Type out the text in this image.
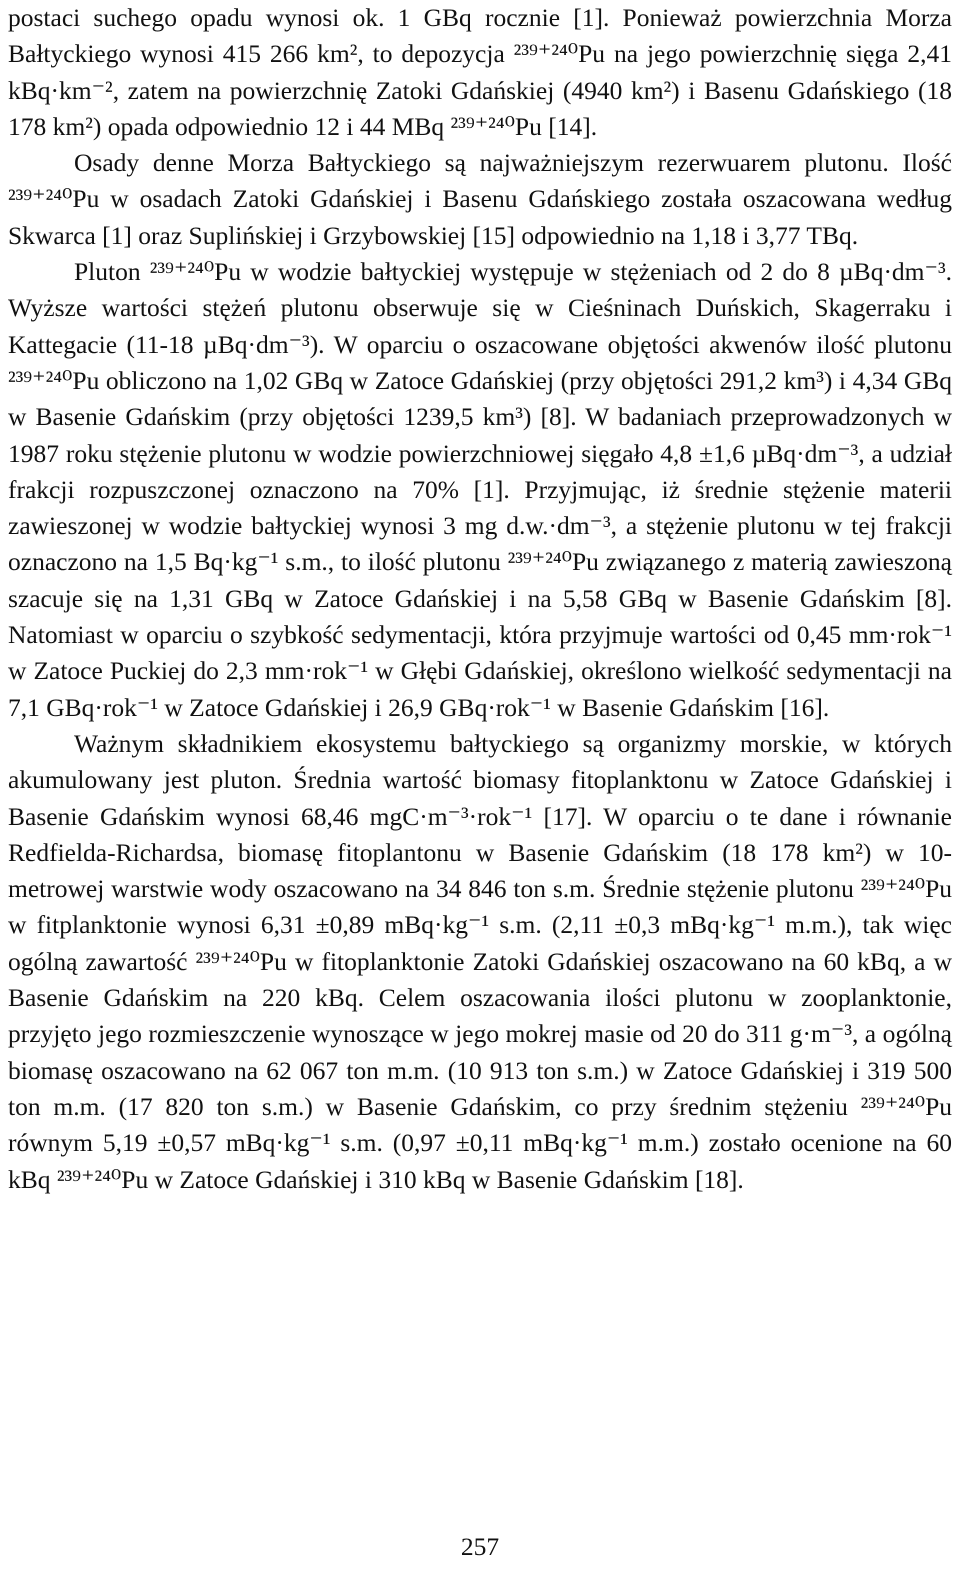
postaci suchego opadu wynosi ok. 1 GBq rocznie [1]. Ponieważ powierzchnia Morza Bałtyckiego wynosi 415 266 km², to depozycja ²³⁹⁺²⁴⁰Pu na jego powierzchnię sięga 2,41 kBq·km⁻², zatem na powierzchnię Zatoki Gdańskiej (4940 km²) i Basenu Gdańskiego (18 178 km²) opada odpowiednio 12 i 44 MBq ²³⁹⁺²⁴⁰Pu [14].

Osady denne Morza Bałtyckiego są najważniejszym rezerwuarem plutonu. Ilość ²³⁹⁺²⁴⁰Pu w osadach Zatoki Gdańskiej i Basenu Gdańskiego została oszacowana według Skwarca [1] oraz Suplińskiej i Grzybowskiej [15] odpowiednio na 1,18 i 3,77 TBq.

Pluton ²³⁹⁺²⁴⁰Pu w wodzie bałtyckiej występuje w stężeniach od 2 do 8 µBq·dm⁻³. Wyższe wartości stężeń plutonu obserwuje się w Cieśninach Duńskich, Skagerraku i Kattegacie (11-18 µBq·dm⁻³). W oparciu o oszacowane objętości akwenów ilość plutonu ²³⁹⁺²⁴⁰Pu obliczono na 1,02 GBq w Zatoce Gdańskiej (przy objętości 291,2 km³) i 4,34 GBq w Basenie Gdańskim (przy objętości 1239,5 km³) [8]. W badaniach przeprowadzonych w 1987 roku stężenie plutonu w wodzie powierzchniowej sięgało 4,8 ±1,6 µBq·dm⁻³, a udział frakcji rozpuszczonej oznaczono na 70% [1]. Przyjmując, iż średnie stężenie materii zawieszonej w wodzie bałtyckiej wynosi 3 mg d.w.·dm⁻³, a stężenie plutonu w tej frakcji oznaczono na 1,5 Bq·kg⁻¹ s.m., to ilość plutonu ²³⁹⁺²⁴⁰Pu związanego z materią zawieszoną szacuje się na 1,31 GBq w Zatoce Gdańskiej i na 5,58 GBq w Basenie Gdańskim [8]. Natomiast w oparciu o szybkość sedymentacji, która przyjmuje wartości od 0,45 mm·rok⁻¹ w Zatoce Puckiej do 2,3 mm·rok⁻¹ w Głębi Gdańskiej, określono wielkość sedymentacji na 7,1 GBq·rok⁻¹ w Zatoce Gdańskiej i 26,9 GBq·rok⁻¹ w Basenie Gdańskim [16].

Ważnym składnikiem ekosystemu bałtyckiego są organizmy morskie, w których akumulowany jest pluton. Średnia wartość biomasy fitoplanktonu w Zatoce Gdańskiej i Basenie Gdańskim wynosi 68,46 mgC·m⁻³·rok⁻¹ [17]. W oparciu o te dane i równanie Redfielda-Richardsa, biomasę fitoplantonu w Basenie Gdańskim (18 178 km²) w 10-metrowej warstwie wody oszacowano na 34 846 ton s.m. Średnie stężenie plutonu ²³⁹⁺²⁴⁰Pu w fitplanktonie wynosi 6,31 ±0,89 mBq·kg⁻¹ s.m. (2,11 ±0,3 mBq·kg⁻¹ m.m.), tak więc ogólną zawartość ²³⁹⁺²⁴⁰Pu w fitoplanktonie Zatoki Gdańskiej oszacowano na 60 kBq, a w Basenie Gdańskim na 220 kBq. Celem oszacowania ilości plutonu w zooplanktonie, przyjęto jego rozmieszczenie wynoszące w jego mokrej masie od 20 do 311 g·m⁻³, a ogólną biomasę oszacowano na 62 067 ton m.m. (10 913 ton s.m.) w Zatoce Gdańskiej i 319 500 ton m.m. (17 820 ton s.m.) w Basenie Gdańskim, co przy średnim stężeniu ²³⁹⁺²⁴⁰Pu równym 5,19 ±0,57 mBq·kg⁻¹ s.m. (0,97 ±0,11 mBq·kg⁻¹ m.m.) zostało ocenione na 60 kBq ²³⁹⁺²⁴⁰Pu w Zatoce Gdańskiej i 310 kBq w Basenie Gdańskim [18].

257
